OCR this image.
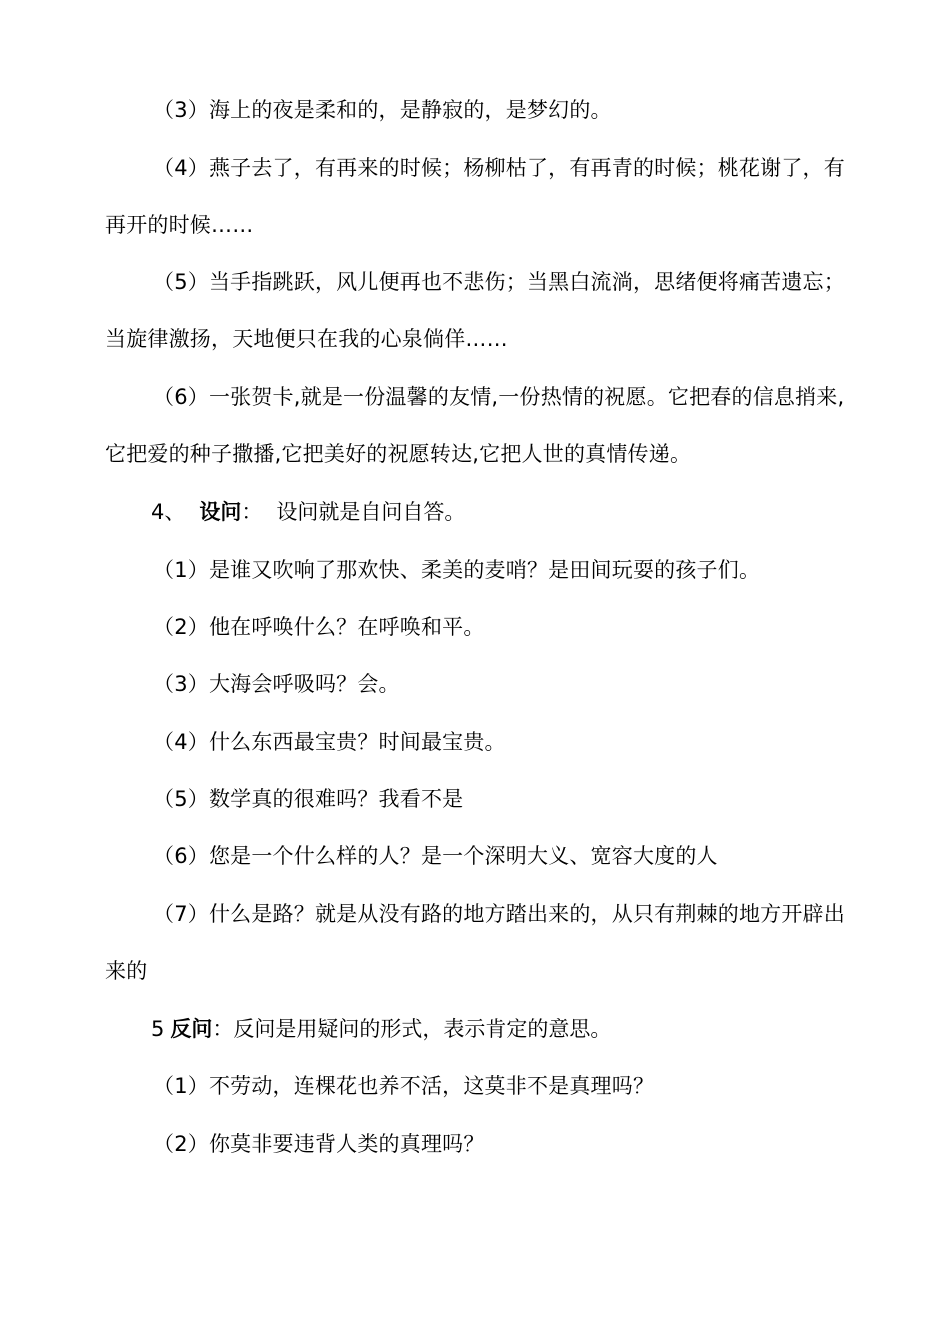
（3）海上的夜是柔和的，是静寂的，是梦幻的。

（4）燕子去了，有再来的时候；杨柳枯了，有再青的时候；桃花谢了，有再开的时候……

（5）当手指跳跃，风儿便再也不悲伤；当黑白流淌，思绪便将痛苦遗忘；当旋律激扬，天地便只在我的心泉倘佯……

（6）一张贺卡,就是一份温馨的友情,一份热情的祝愿。它把春的信息捎来,它把爱的种子撒播,它把美好的祝愿转达,它把人世的真情传递。

4、 设问： 设问就是自问自答。

（1）是谁又吹响了那欢快、柔美的麦哨？是田间玩耍的孩子们。

（2）他在呼唤什么？在呼唤和平。

（3）大海会呼吸吗？会。

（4）什么东西最宝贵？时间最宝贵。

（5）数学真的很难吗？我看不是

（6）您是一个什么样的人？是一个深明大义、宽容大度的人

（7）什么是路？就是从没有路的地方踏出来的，从只有荆棘的地方开辟出来的

5 反问：反问是用疑问的形式，表示肯定的意思。

（1）不劳动，连棵花也养不活，这莫非不是真理吗？

（2）你莫非要违背人类的真理吗？
